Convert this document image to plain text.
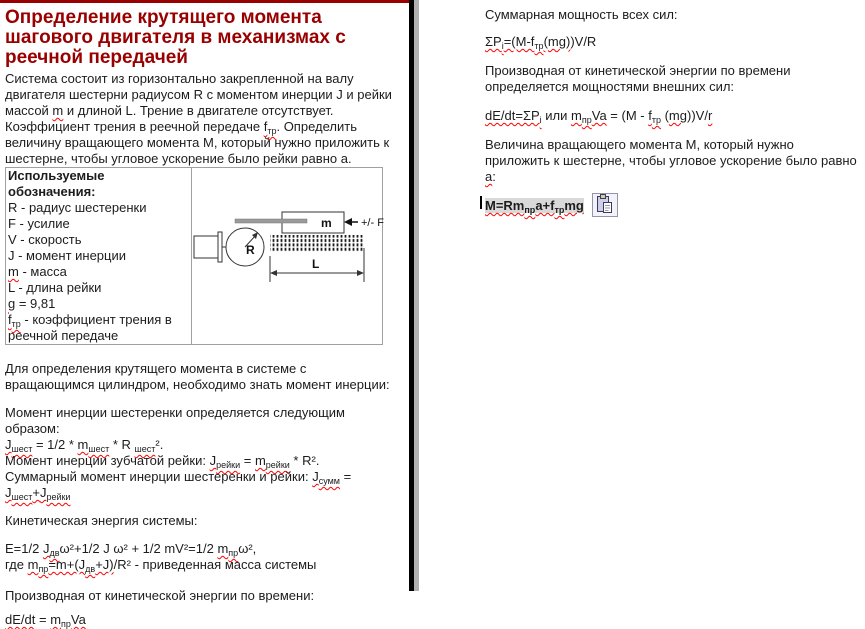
Определение крутящего момента шагового двигателя в механизмах с реечной передачей

Система состоит из горизонтально закрепленной на валу двигателя шестерни радиусом R с моментом инерции J и рейки массой m и длиной L. Трение в двигателе отсутствует. Коэффициент трения в реечной передаче $f_{тр}$. Определить величину вращающего момента М, который нужно приложить к шестерне, чтобы угловое ускорение было рейки равно a.

Используемые обозначения:
R - радиус шестеренки
F - усилие
V - скорость
J - момент инерции
m - масса
L - длина рейки
g = 9,81
$f_{тр}$ - коэффициент трения в реечной передаче
R
m	+/- F
L

Для определения крутящего момента в системе с вращающимся цилиндром, необходимо знать момент инерции:

Момент инерции шестеренки определяется следующим образом:
$J_{шест} = 1/2 * m_{шест} * R$ $_{шест}$².
Момент инерции зубчатой рейки: $J_{рейки} = m_{рейки} * R^2$.
Суммарный момент инерции шестеренки и рейки: $J_{сумм}$ =
$J_{шест}+J_{рейки}$

Кинетическая энергия системы:

E=1/2 $J_{дв}\omega^2+1/2$ J ω² + 1/2 mV²=1/2 $m_{пр}\omega^2$,
где $m_{пр}=m+(J_{дв}+J)/R^2$ - приведенная масса системы

Производная от кинетической энергии по времени:

$dE/dt = m_{пр}Va$

Суммарная мощность всех сил:

$\Sigma P_i=(M-f_{тр}(mg))V/R$

Производная от кинетической энергии по времени определяется мощностями внешних сил:

$dE/dt=\Sigma P_i$ или $m_{пр}Va = (M - f_{тр}$ (mg))V/r

Величина вращающего момента М, который нужно приложить к шестерне, чтобы угловое ускорение было равно a:

$М=Rm_{пр}a+f_{тр}mg$
